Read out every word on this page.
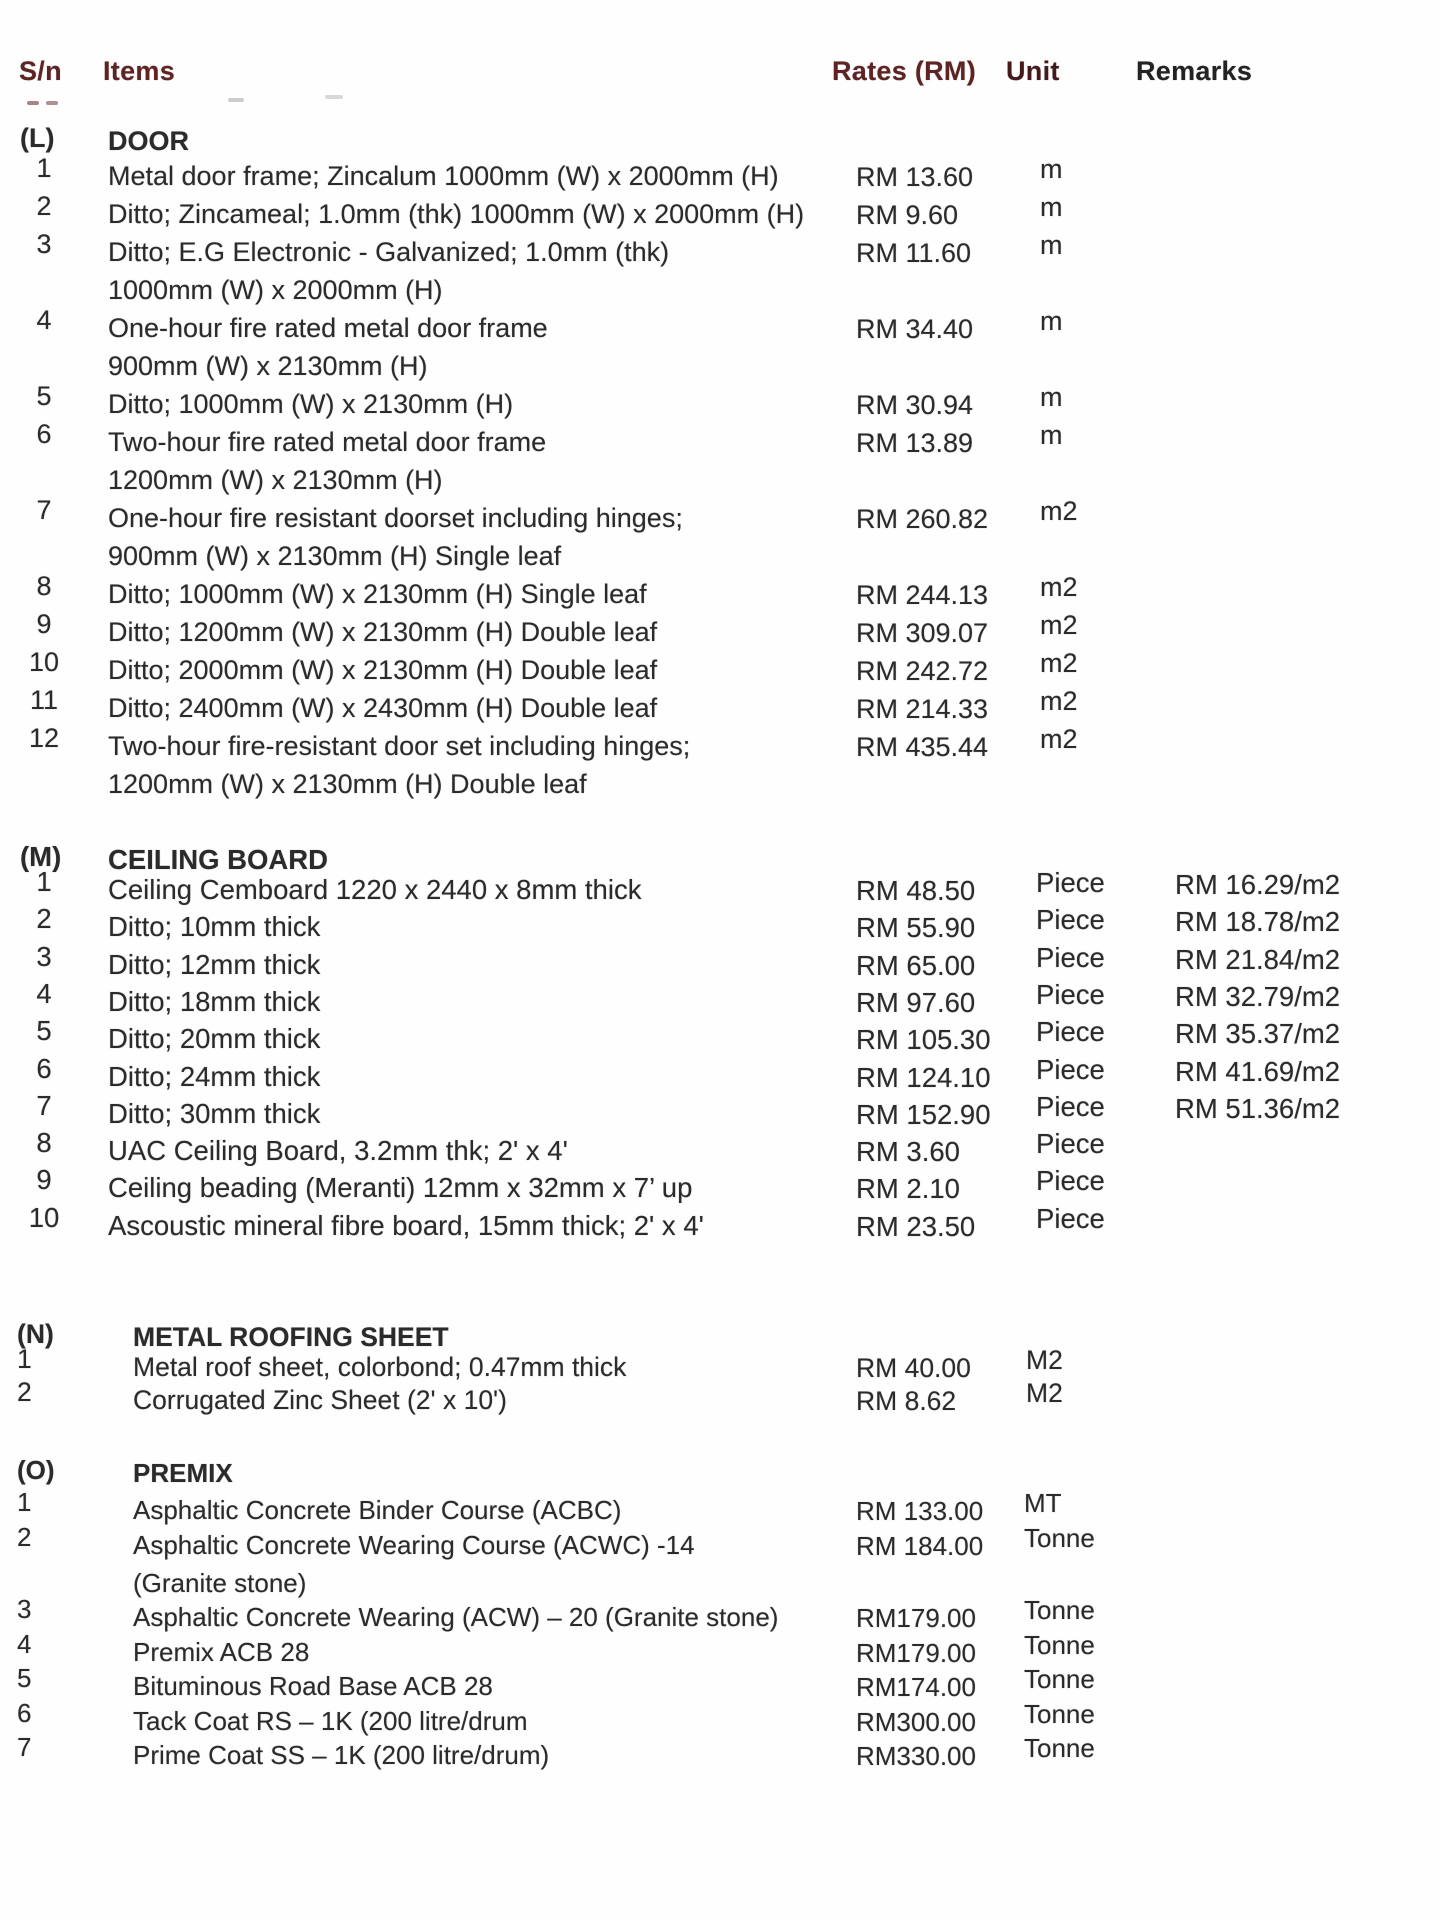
S/n Items	Rates (RM) Unit	Remarks
(L) DOOR
1	Metal door frame; Zincalum 1000mm (W) x 2000mm (H)	RM 13.60 m
2	Ditto; Zincameal; 1.0mm (thk) 1000mm (W) x 2000mm (H) RM 9.60	m
3	Ditto; E.G Electronic - Galvanized; 1.0mm (thk)
1000mm (W) x 2000mm (H)
RM 11.60	m
4	One-hour fire rated metal door frame
900mm (W) x 2130mm (H)
RM 34.40 m
5	Ditto; 1000mm (W) x 2130mm (H)	RM 30.94 m
6	Two-hour fire rated metal door frame
1200mm (W) x 2130mm (H)
RM 13.89 m
7	One-hour fire resistant doorset including hinges;
900mm (W) x 2130mm (H) Single leaf
RM 260.82 m2
8	Ditto; 1000mm (W) x 2130mm (H) Single leaf	RM 244.13 m2
9	Ditto; 1200mm (W) x 2130mm (H) Double leaf	RM 309.07 m2
10 Ditto; 2000mm (W) x 2130mm (H) Double leaf	RM 242.72 m2
11 Ditto; 2400mm (W) x 2430mm (H) Double leaf	RM 214.33 m2
12 Two-hour fire-resistant door set including hinges;
1200mm (W) x 2130mm (H) Double leaf
RM 435.44 m2
(M) CEILING BOARD
1	Ceiling Cemboard 1220 x 2440 x 8mm thick	RM 48.50 Piece	RM 16.29/m2
2	Ditto; 10mm thick	RM 55.90 Piece	RM 18.78/m2
3	Ditto; 12mm thick	RM 65.00 Piece	RM 21.84/m2
4	Ditto; 18mm thick	RM 97.60 Piece	RM 32.79/m2
5	Ditto; 20mm thick	RM 105.30 Piece	RM 35.37/m2
6	Ditto; 24mm thick	RM 124.10 Piece	RM 41.69/m2
7	Ditto; 30mm thick	RM 152.90 Piece	RM 51.36/m2
8	UAC Ceiling Board, 3.2mm thk; 2' x 4'	RM 3.60	Piece
9	Ceiling beading (Meranti) 12mm x 32mm x 7’ up	RM 2.10	Piece
10 Ascoustic mineral fibre board, 15mm thick; 2' x 4'	RM 23.50 Piece
(N)	METAL ROOFING SHEET
1	Metal roof sheet, colorbond; 0.47mm thick	RM 40.00 M2
2	Corrugated Zinc Sheet (2' x 10')	RM 8.62	M2
(O)	PREMIX
1	Asphaltic Concrete Binder Course (ACBC)	RM 133.00 MT
2	Asphaltic Concrete Wearing Course (ACWC) -14
(Granite stone)
RM 184.00 Tonne
3	Asphaltic Concrete Wearing (ACW) – 20 (Granite stone)	RM179.00 Tonne
4	Premix ACB 28	RM179.00 Tonne
5	Bituminous Road Base ACB 28	RM174.00 Tonne
6	Tack Coat RS – 1K (200 litre/drum	RM300.00 Tonne
7	Prime Coat SS – 1K (200 litre/drum)	RM330.00 Tonne
